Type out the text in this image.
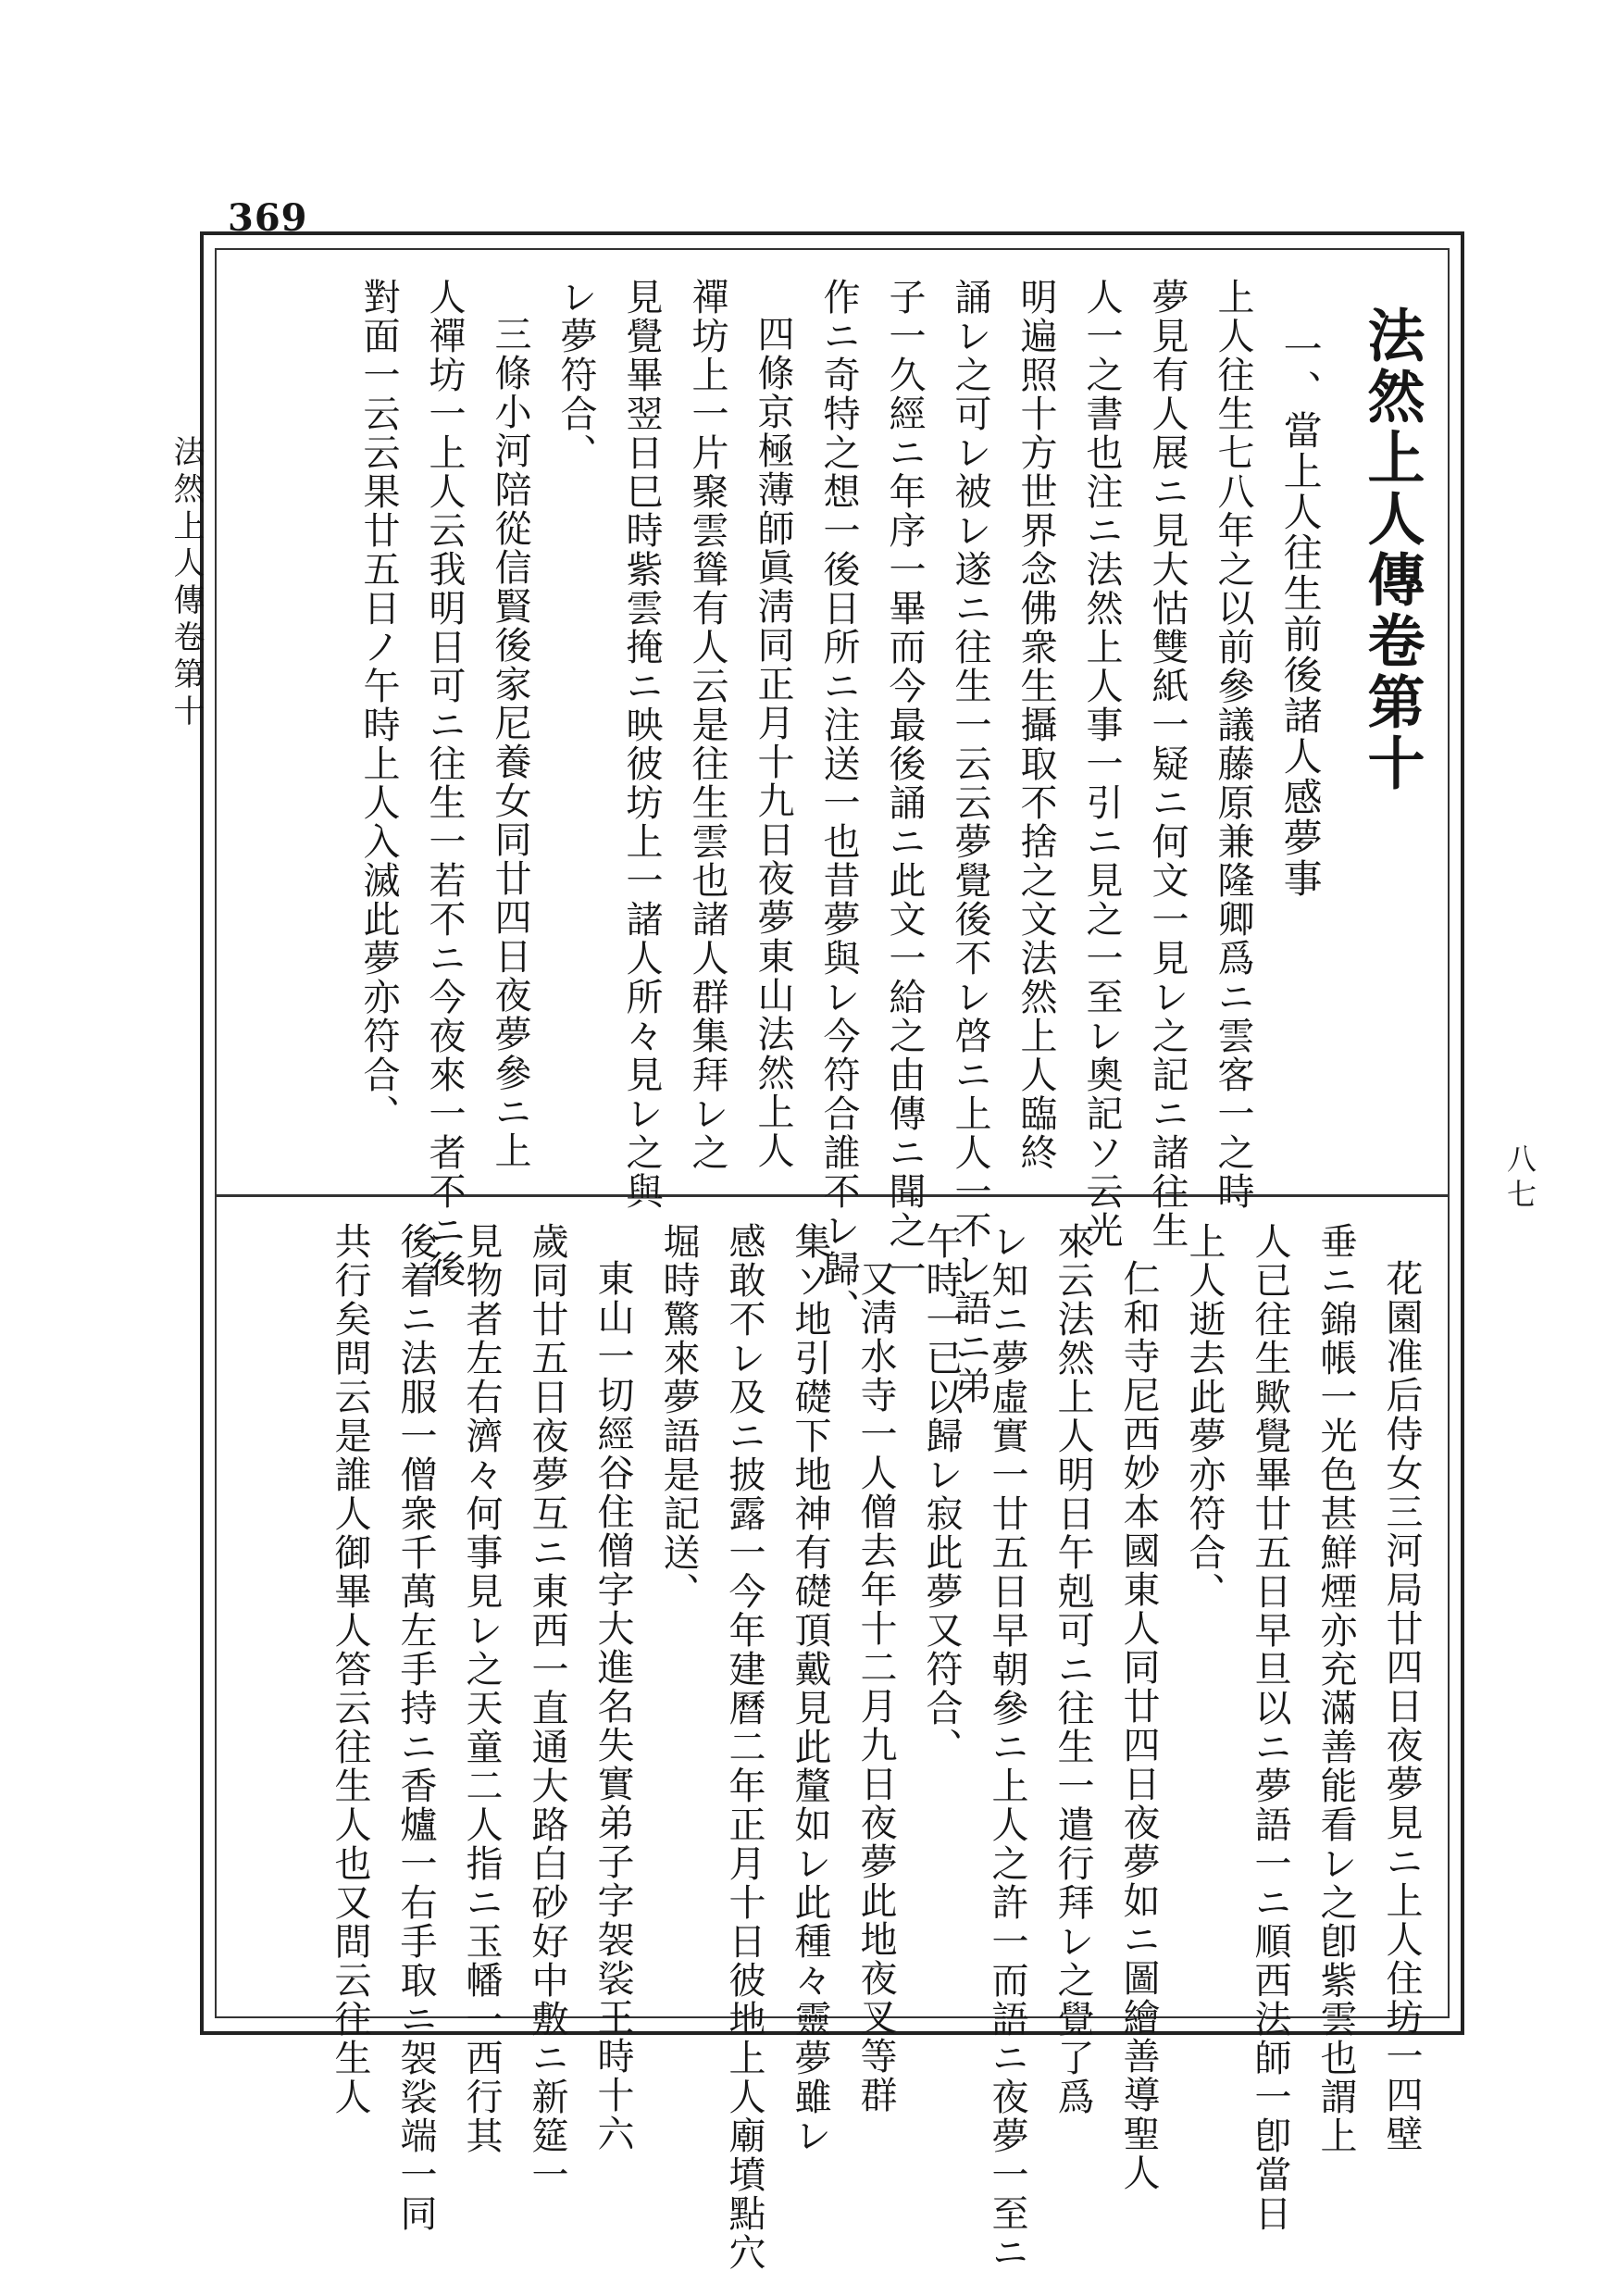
369
法然上人傳卷第十
八七

法然上人傳卷第十

一、當上人往生前後諸人感夢事

上人往生七八年之以前參議藤原兼隆卿爲ニ雲客一之時

夢見有人展ニ見大怙雙紙一疑ニ何文一見レ之記ニ諸往生

人一之書也注ニ法然上人事一引ニ見之一至レ奧記ソ云光

明遍照十方世界念佛衆生攝取不捨之文法然上人臨終

誦レ之可レ被レ遂ニ往生一云云夢覺後不レ啓ニ上人一不レ語ニ弟

子一久經ニ年序一畢而今最後誦ニ此文一給之由傳ニ聞之一

作ニ奇特之想一後日所ニ注送一也昔夢與レ今符合誰不レ歸、

四條京極薄師眞淸同正月十九日夜夢東山法然上人

禪坊上一片聚雲聳有人云是往生雲也諸人群集拜レ之

見覺畢翌日巳時紫雲掩ニ映彼坊上一諸人所々見レ之與

レ夢符合、

三條小河陪從信賢後家尼養女同廿四日夜夢參ニ上

人禪坊一上人云我明日可ニ往生一若不ニ今夜來一者不ニ後

對面一云云果廿五日ノ午時上人入滅此夢亦符合、

花園准后侍女三河局廿四日夜夢見ニ上人住坊一四壁

垂ニ錦帳一光色甚鮮煙亦充滿善能看レ之卽紫雲也謂上

人已往生歟覺畢廿五日早旦以ニ夢語一ニ順西法師一卽當日

上人逝去此夢亦符合、

仁和寺尼西妙本國東人同廿四日夜夢如ニ圖繪善導聖人

來云法然上人明日午剋可ニ往生一遣行拜レ之覺了爲

レ知ニ夢虛實一廿五日早朝參ニ上人之許一而語ニ夜夢一至ニ

午時一已以歸レ寂此夢又符合、

又淸水寺一人僧去年十二月九日夜夢此地夜叉等群

集ソ地引礎下地神有礎頂戴見此釐如レ此種々靈夢雖レ

感敢不レ及ニ披露一今年建曆二年正月十日彼地上人廟墳點穴

堀時驚來夢語是記送、

東山一切經谷住僧字大進名失實弟子字袈裟王時十六

歲同廿五日夜夢互ニ東西一直通大路白砂好中敷ニ新筵一

見物者左右濟々何事見レ之天童二人指ニ玉幡一西行其

後着ニ法服一僧衆千萬左手持ニ香爐一右手取ニ袈裟端一同

共行矣問云是誰人御畢人答云往生人也又問云往生人
